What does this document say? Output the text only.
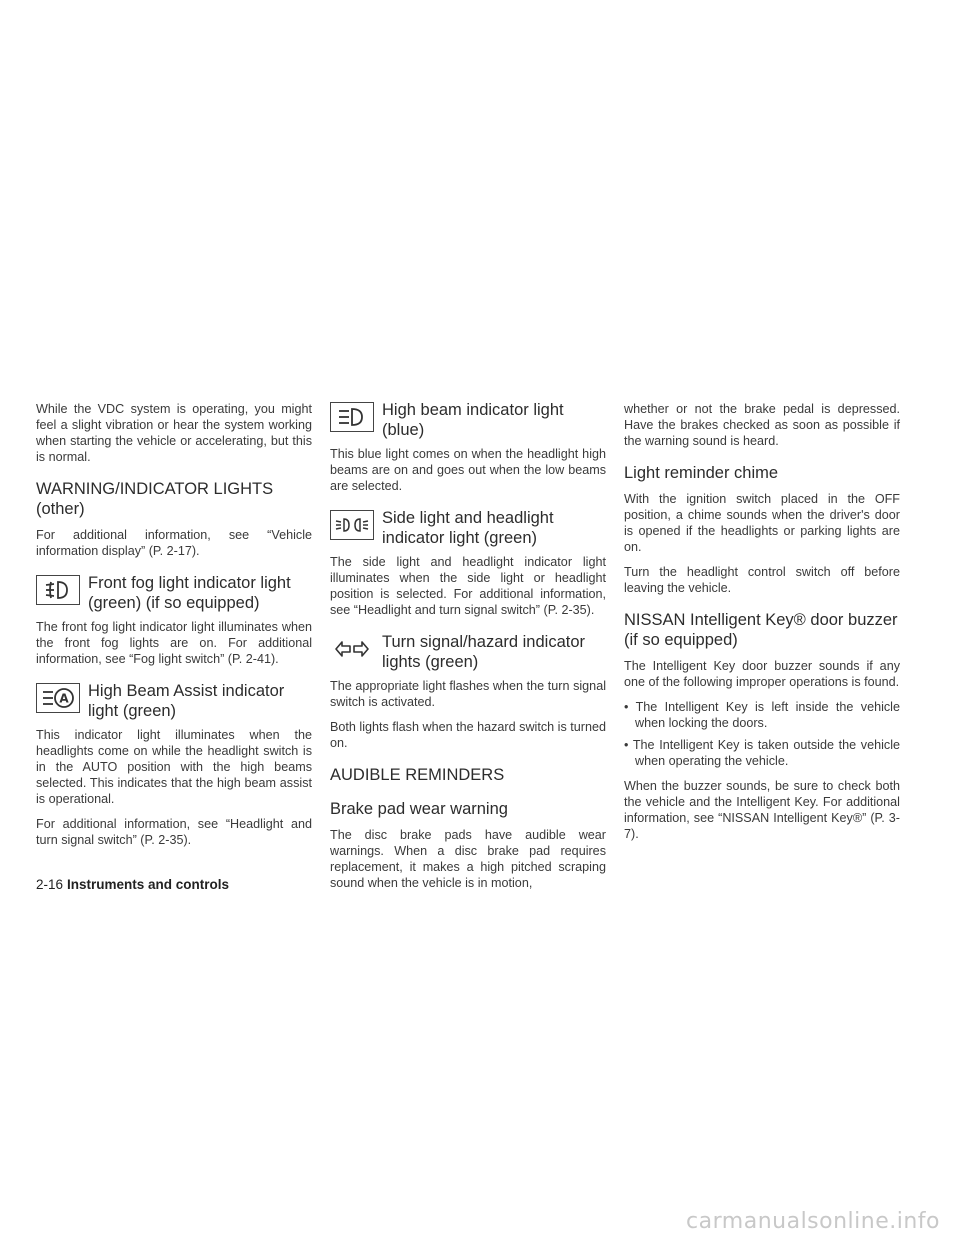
While the VDC system is operating, you might feel a slight vibration or hear the system working when starting the vehicle or accelerating, but this is normal.

WARNING/INDICATOR LIGHTS (other)

For additional information, see “Vehicle information display” (P. 2-17).

Front fog light indicator light (green) (if so equipped)

The front fog light indicator light illuminates when the front fog lights are on. For additional information, see “Fog light switch” (P. 2-41).

A High Beam Assist indicator light (green)

This indicator light illuminates when the headlights come on while the headlight switch is in the AUTO position with the high beams selected. This indicates that the high beam assist is operational.

For additional information, see “Headlight and turn signal switch” (P. 2-35).

High beam indicator light (blue)

This blue light comes on when the headlight high beams are on and goes out when the low beams are selected.

Side light and headlight indicator light (green)

The side light and headlight indicator light illuminates when the side light or headlight position is selected. For additional information, see “Headlight and turn signal switch” (P. 2-35).

Turn signal/hazard indicator lights (green)

The appropriate light flashes when the turn signal switch is activated.

Both lights flash when the hazard switch is turned on.

AUDIBLE REMINDERS
Brake pad wear warning

The disc brake pads have audible wear warnings. When a disc brake pad requires replacement, it makes a high pitched scraping sound when the vehicle is in motion,

whether or not the brake pedal is depressed. Have the brakes checked as soon as possible if the warning sound is heard.

Light reminder chime

With the ignition switch placed in the OFF position, a chime sounds when the driver's door is opened if the headlights or parking lights are on.

Turn the headlight control switch off before leaving the vehicle.

NISSAN Intelligent Key® door buzzer (if so equipped)

The Intelligent Key door buzzer sounds if any one of the following improper operations is found.

• The Intelligent Key is left inside the vehicle when locking the doors.
• The Intelligent Key is taken outside the vehicle when operating the vehicle.

When the buzzer sounds, be sure to check both the vehicle and the Intelligent Key. For additional information, see “NISSAN Intelligent Key®” (P. 3-7).

2-16 Instruments and controls
carmanualsonline.info
